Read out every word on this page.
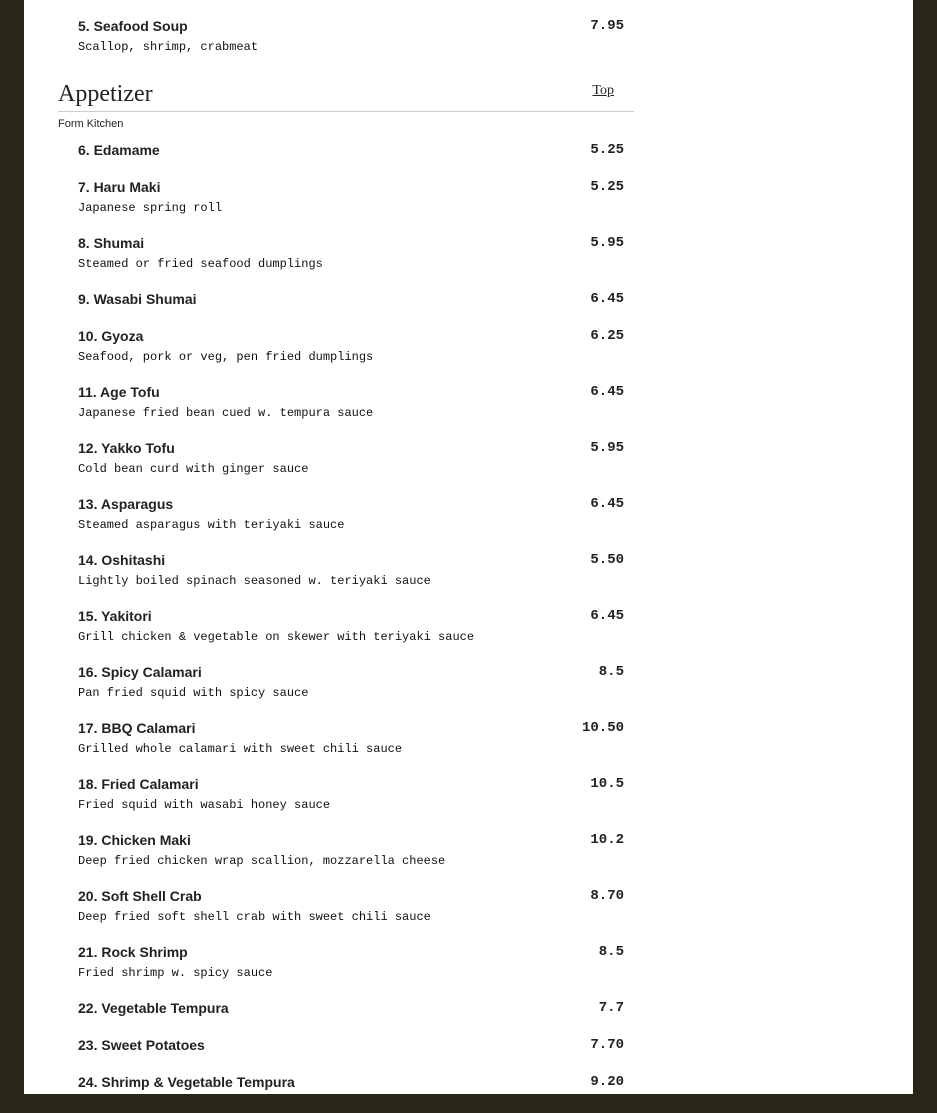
5. Seafood Soup	7.95
Scallop, shrimp, crabmeat
Appetizer	Top
Form Kitchen
6. Edamame	5.25
7. Haru Maki	5.25
Japanese spring roll
8. Shumai	5.95
Steamed or fried seafood dumplings
9. Wasabi Shumai	6.45
10. Gyoza	6.25
Seafood, pork or veg, pen fried dumplings
11. Age Tofu	6.45
Japanese fried bean cued w. tempura sauce
12. Yakko Tofu	5.95
Cold bean curd with ginger sauce
13. Asparagus	6.45
Steamed asparagus with teriyaki sauce
14. Oshitashi	5.50
Lightly boiled spinach seasoned w. teriyaki sauce
15. Yakitori	6.45
Grill chicken & vegetable on skewer with teriyaki sauce
16. Spicy Calamari	8.5
Pan fried squid with spicy sauce
17. BBQ Calamari	10.50
Grilled whole calamari with sweet chili sauce
18. Fried Calamari	10.5
Fried squid with wasabi honey sauce
19. Chicken Maki	10.2
Deep fried chicken wrap scallion, mozzarella cheese
20. Soft Shell Crab	8.70
Deep fried soft shell crab with sweet chili sauce
21. Rock Shrimp	8.5
Fried shrimp w. spicy sauce
22. Vegetable Tempura	7.7
23. Sweet Potatoes	7.70
24. Shrimp & Vegetable Tempura	9.20
